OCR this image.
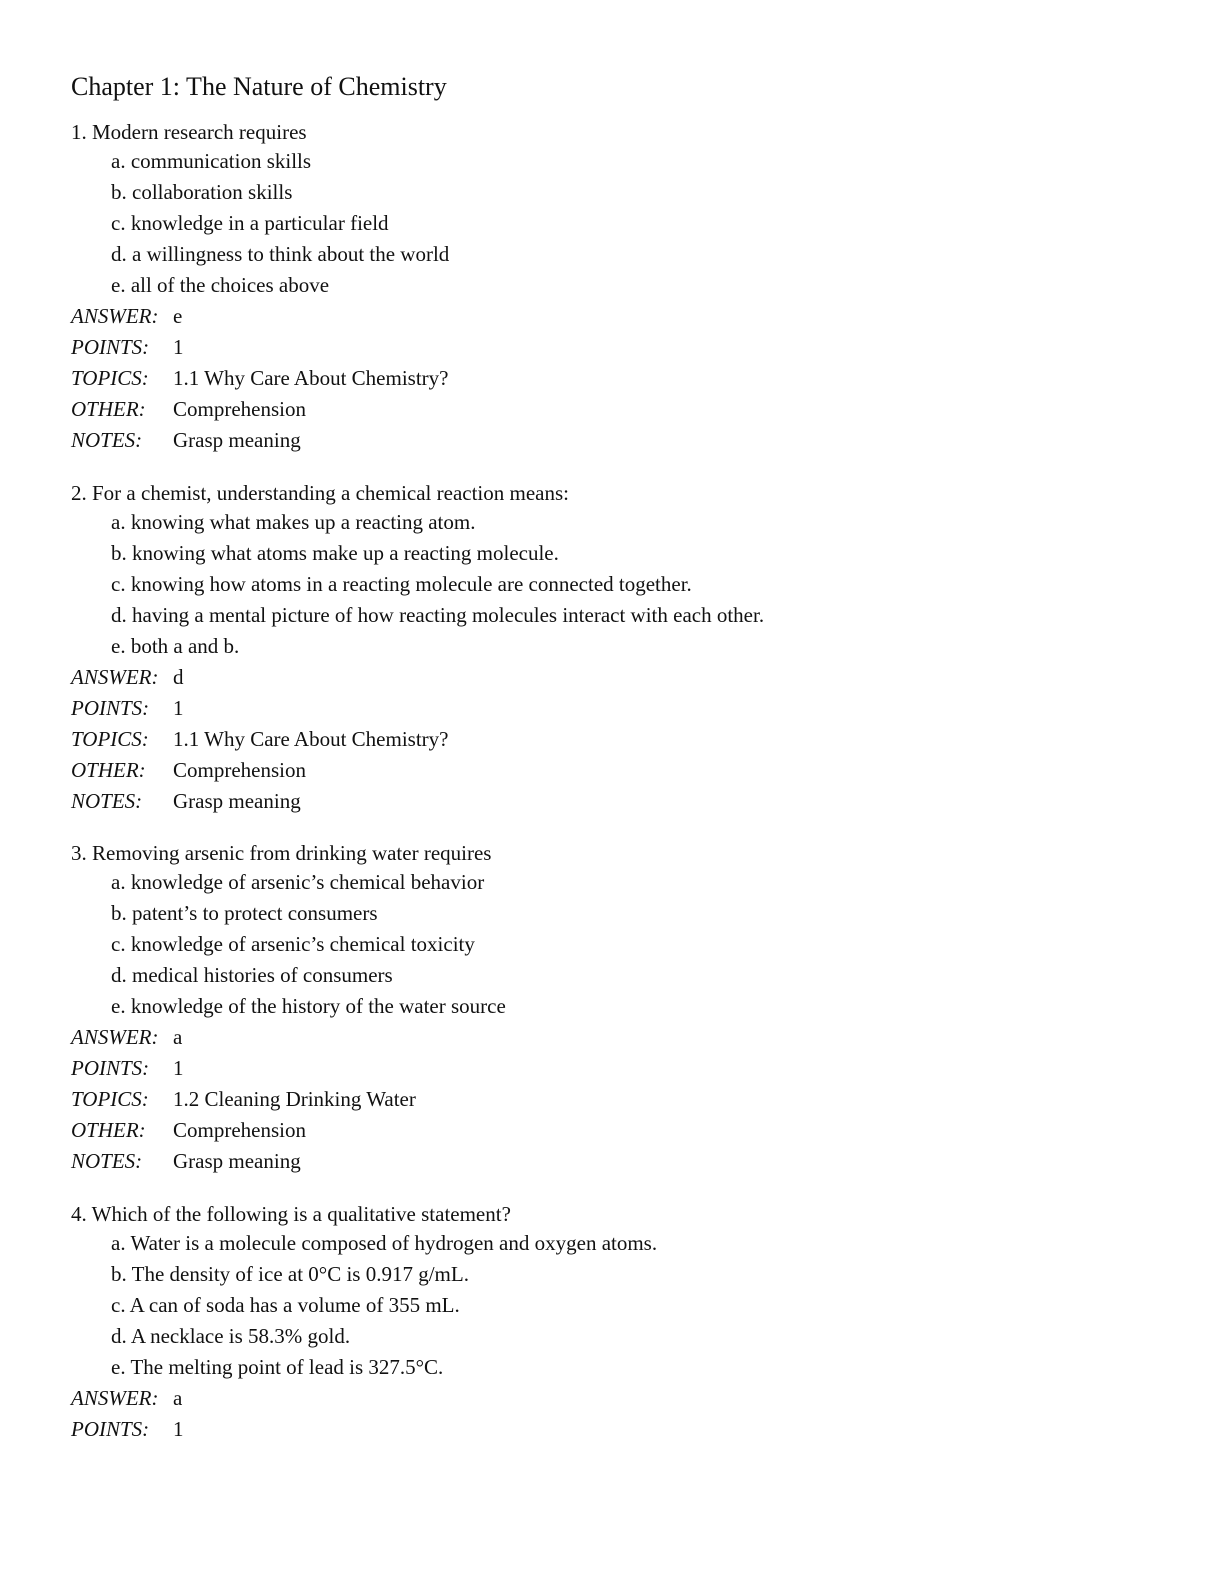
Chapter 1: The Nature of Chemistry
1. Modern research requires
a. communication skills
b. collaboration skills
c. knowledge in a particular field
d. a willingness to think about the world
e. all of the choices above
ANSWER: e
POINTS:	1
TOPICS:	1.1 Why Care About Chemistry?
OTHER:	Comprehension
NOTES:	Grasp meaning
2. For a chemist, understanding a chemical reaction means:
a. knowing what makes up a reacting atom.
b. knowing what atoms make up a reacting molecule.
c. knowing how atoms in a reacting molecule are connected together.
d. having a mental picture of how reacting molecules interact with each other.
e. both a and b.
ANSWER: d
POINTS:	1
TOPICS:	1.1 Why Care About Chemistry?
OTHER:	Comprehension
NOTES:	Grasp meaning
3. Removing arsenic from drinking water requires
a. knowledge of arsenic’s chemical behavior
b. patent’s to protect consumers
c. knowledge of arsenic’s chemical toxicity
d. medical histories of consumers
e. knowledge of the history of the water source
ANSWER: a
POINTS:	1
TOPICS:	1.2 Cleaning Drinking Water
OTHER:	Comprehension
NOTES:	Grasp meaning
4. Which of the following is a qualitative statement?
a. Water is a molecule composed of hydrogen and oxygen atoms.
b. The density of ice at 0°C is 0.917 g/mL.
c. A can of soda has a volume of 355 mL.
d. A necklace is 58.3% gold.
e. The melting point of lead is 327.5°C.
ANSWER: a
POINTS:	1
